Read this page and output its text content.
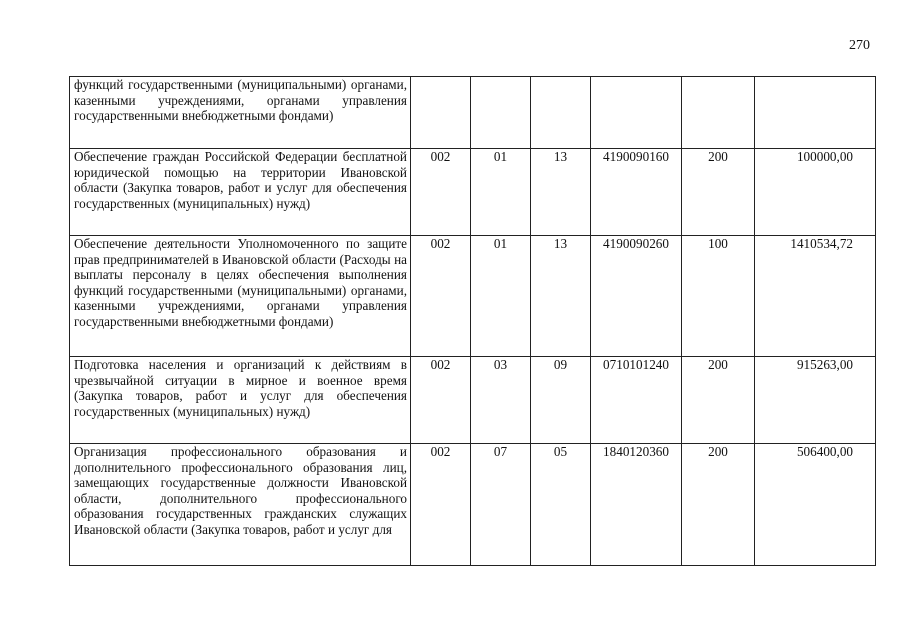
270
функций государственными (муниципальными) органами, казенными учреждениями, органами управления государственными внебюджетными фондами)						

Обеспечение граждан Российской Федерации бесплатной юридической помощью на территории Ивановской области (Закупка товаров, работ и услуг для обеспечения государственных (муниципальных) нужд)	002	01	13	4190090160	200	100000,00

Обеспечение деятельности Уполномоченного по защите прав предпринимателей в Ивановской области (Расходы на выплаты персоналу в целях обеспечения выполнения функций государственными (муниципальными) органами, казенными учреждениями, органами управления государственными внебюджетными фондами)	002	01	13	4190090260	100	1410534,72

Подготовка населения и организаций к действиям в чрезвычайной ситуации в мирное и военное время (Закупка товаров, работ и услуг для обеспечения государственных (муниципальных) нужд)	002	03	09	0710101240	200	915263,00

Организация профессионального образования и дополнительного профессионального образования лиц, замещающих государственные должности Ивановской области, дополнительного профессионального образования государственных гражданских служащих Ивановской области (Закупка товаров, работ и услуг для	002	07	05	1840120360	200	506400,00
